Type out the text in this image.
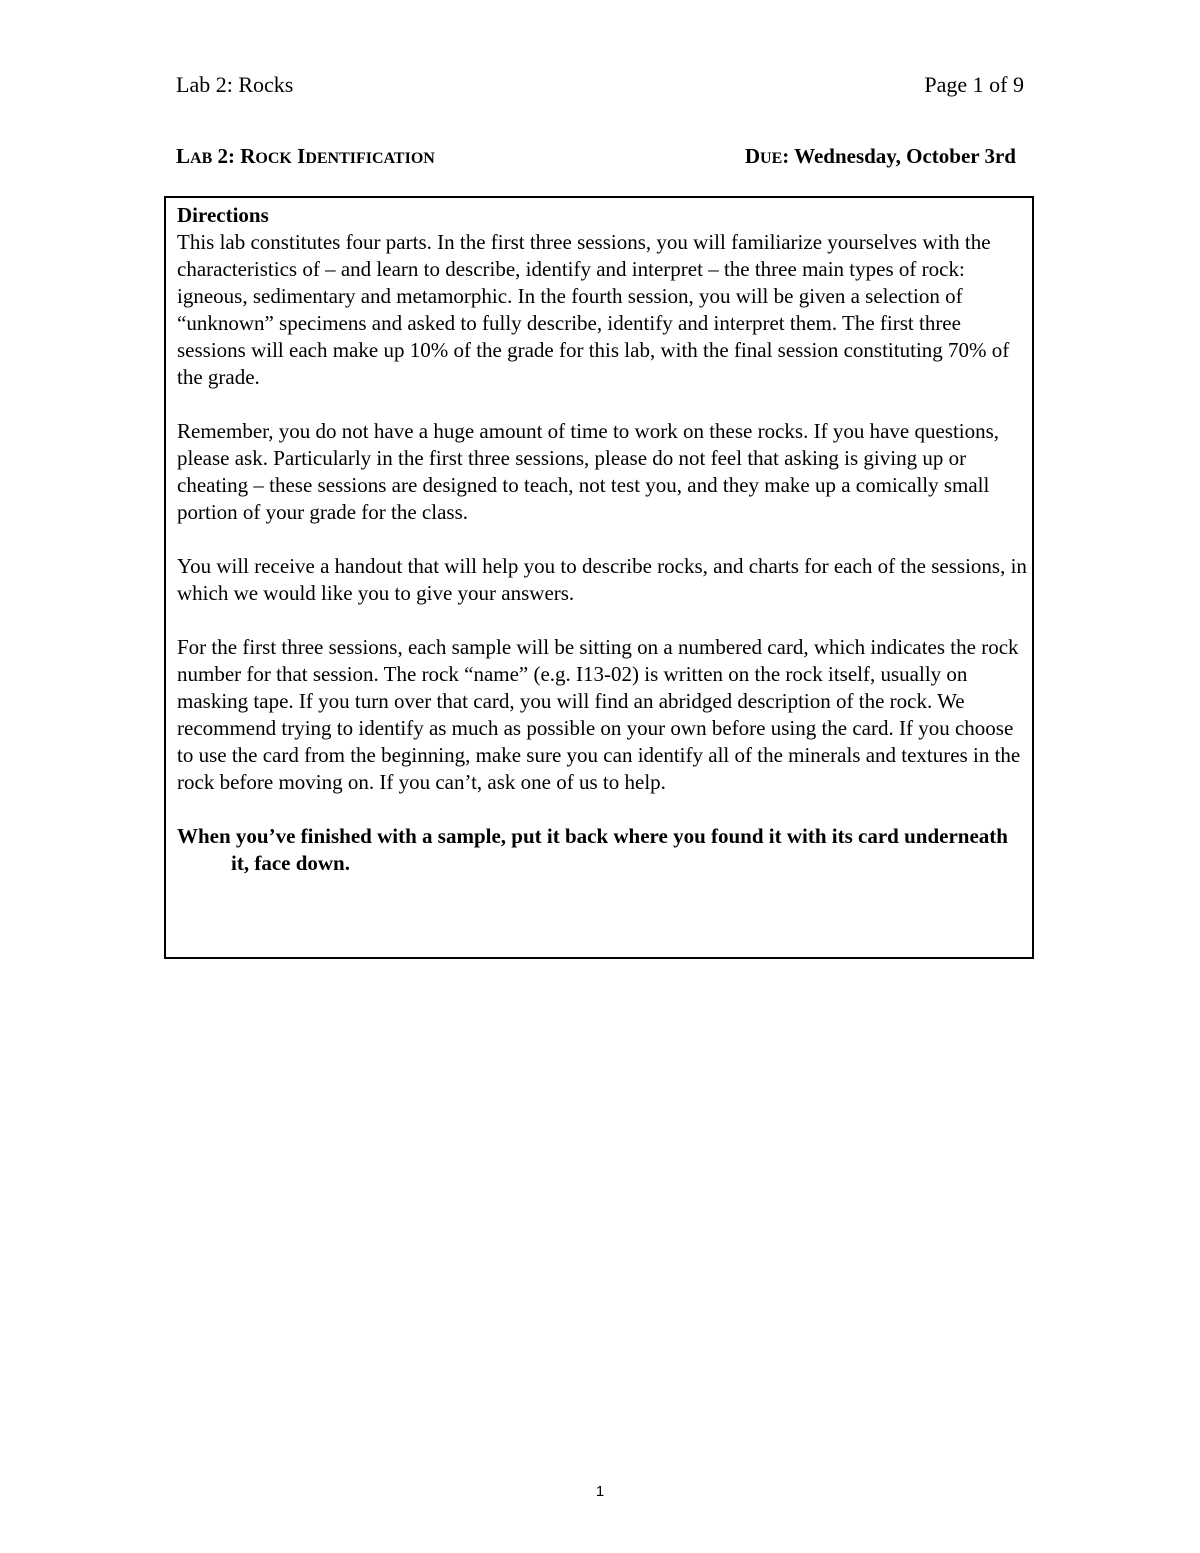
Lab 2: Rocks	Page 1 of 9
LAB 2: ROCK IDENTIFICATION	DUE: Wednesday, October 3rd
Directions

This lab constitutes four parts. In the first three sessions, you will familiarize yourselves with the characteristics of – and learn to describe, identify and interpret – the three main types of rock: igneous, sedimentary and metamorphic. In the fourth session, you will be given a selection of “unknown” specimens and asked to fully describe, identify and interpret them. The first three sessions will each make up 10% of the grade for this lab, with the final session constituting 70% of the grade.

Remember, you do not have a huge amount of time to work on these rocks. If you have questions, please ask. Particularly in the first three sessions, please do not feel that asking is giving up or cheating – these sessions are designed to teach, not test you, and they make up a comically small portion of your grade for the class.

You will receive a handout that will help you to describe rocks, and charts for each of the sessions, in which we would like you to give your answers.

For the first three sessions, each sample will be sitting on a numbered card, which indicates the rock number for that session. The rock “name” (e.g. I13-02) is written on the rock itself, usually on masking tape. If you turn over that card, you will find an abridged description of the rock. We recommend trying to identify as much as possible on your own before using the card. If you choose to use the card from the beginning, make sure you can identify all of the minerals and textures in the rock before moving on. If you can’t, ask one of us to help.

When you’ve finished with a sample, put it back where you found it with its card underneath it, face down.

1
